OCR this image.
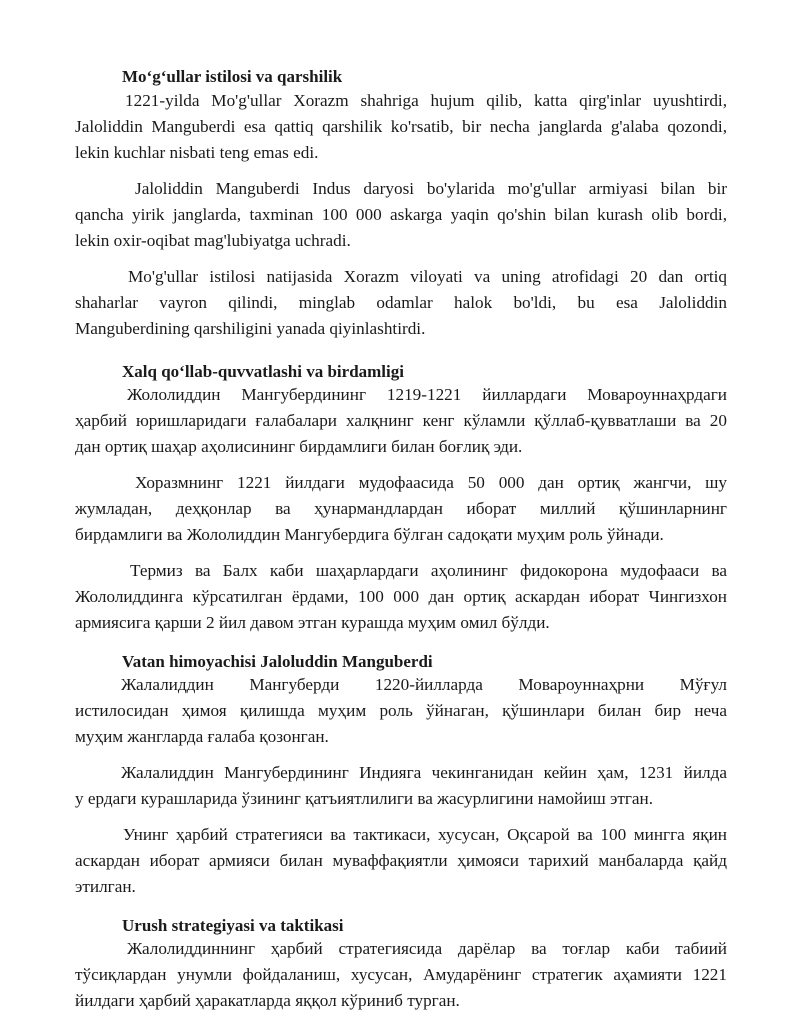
Mo‘g‘ullar istilosi va qarshilik
1221-yilda Mo'g'ullar Xorazm shahriga hujum qilib, katta qirg'inlar uyushtirdi,
Jaloliddin Manguberdi esa qattiq qarshilik ko'rsatib, bir necha janglarda g'alaba qozondi,
lekin kuchlar nisbati teng emas edi.
Jaloliddin Manguberdi Indus daryosi bo'ylarida mo'g'ullar armiyasi bilan bir
qancha yirik janglarda, taxminan 100 000 askarga yaqin qo'shin bilan kurash olib bordi,
lekin oxir-oqibat mag'lubiyatga uchradi.
Mo'g'ullar istilosi natijasida Xorazm viloyati va uning atrofidagi 20 dan ortiq
shaharlar vayron qilindi, minglab odamlar halok bo'ldi, bu esa Jaloliddin
Manguberdining qarshiligini yanada qiyinlashtirdi.
Xalq qo‘llab-quvvatlashi va birdamligi
Жололиддин Мангубердининг 1219-1221 йиллардаги Мовароуннаҳрдаги
ҳарбий юришларидаги ғалабалари халқнинг кенг кўламли қўллаб-қувватлаши ва 20
дан ортиқ шаҳар аҳолисининг бирдамлиги билан боғлиқ эди.
Хоразмнинг 1221 йилдаги мудофаасида 50 000 дан ортиқ жангчи, шу
жумладан, деҳқонлар ва ҳунармандлардан иборат миллий қўшинларнинг
бирдамлиги ва Жололиддин Мангубердига бўлган садоқати муҳим роль ўйнади.
Термиз ва Балх каби шаҳарлардаги аҳолининг фидокорона мудофааси ва
Жололиддинга кўрсатилган ёрдами, 100 000 дан ортиқ аскардан иборат Чингизхон
армиясига қарши 2 йил давом этган курашда муҳим омил бўлди.
Vatan himoyachisi Jaloluddin Manguberdi
Жалалиддин Мангуберди 1220-йилларда Мовароуннаҳрни Мўғул
истилосидан ҳимоя қилишда муҳим роль ўйнаган, қўшинлари билан бир неча
муҳим жангларда ғалаба қозонган.
Жалалиддин Мангубердининг Индияга чекинганидан кейин ҳам, 1231 йилда
у ердаги курашларида ўзининг қатъиятлилиги ва жасурлигини намойиш этган.
Унинг ҳарбий стратегияси ва тактикаси, хусусан, Оқсарой ва 100 мингга яқин
аскардан иборат армияси билан муваффақиятли ҳимояси тарихий манбаларда қайд
этилган.
Urush strategiyasi va taktikasi
Жалолиддиннинг ҳарбий стратегиясида дарёлар ва тоғлар каби табиий
тўсиқлардан унумли фойдаланиш, хусусан, Амударёнинг стратегик аҳамияти 1221
йилдаги ҳарбий ҳаракатларда яққол кўриниб турган.
